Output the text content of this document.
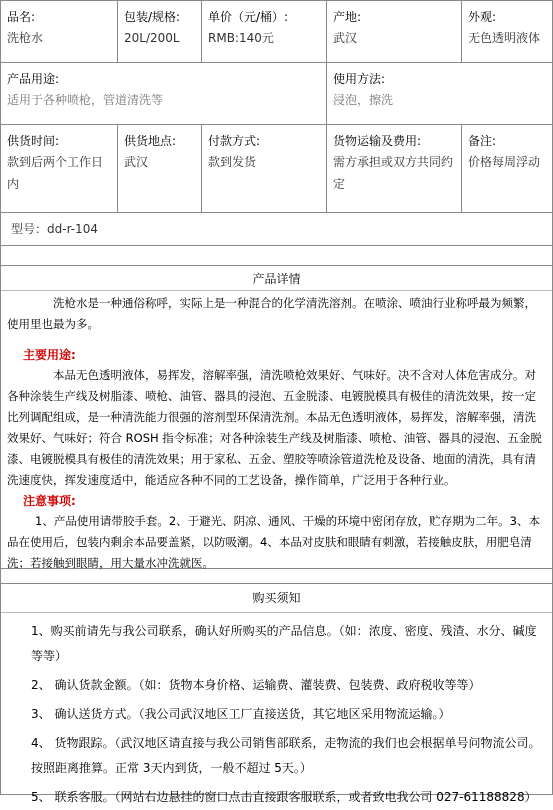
品名:
洗枪水
包装/规格:
20L/200L
单价（元/桶）:
RMB:140元
产地:
武汉
外观:
无色透明液体
产品用途:
适用于各种喷枪，管道清洗等
使用方法:
浸泡，擦洗
供货时间:
款到后两个工作日内
供货地点:
武汉
付款方式:
款到发货
货物运输及费用:
需方承担或双方共同约定
备注:
价格每周浮动
型号：dd-r-104
产品详情

洗枪水是一种通俗称呼，实际上是一种混合的化学清洗溶剂。在喷涂、喷油行业称呼最为频繁，使用里也最为多。

主要用途:

本品无色透明液体，易挥发，溶解率强，清洗喷枪效果好、气味好。决不含对人体危害成分。对各种涂装生产线及树脂漆、喷枪、油管、器具的浸泡、五金脱漆、电镀脱模具有极佳的清洗效果，按一定比列调配组成，是一种清洗能力很强的溶剂型环保清洗剂。本品无色透明液体，易挥发，溶解率强，清洗效果好、气味好；符合 ROSH 指令标准；对各种涂装生产线及树脂漆、喷枪、油管、器具的浸泡、五金脱漆、电镀脱模具有极佳的清洗效果；用于家私、五金、塑胶等喷涂管道洗枪及设备、地面的清洗，具有清洗速度快，挥发速度适中，能适应各种不同的工艺设备，操作简单，广泛用于各种行业。

注意事项:

1、产品使用请带胶手套。2、于避光、阴凉、通风、干燥的环境中密闭存放，贮存期为二年。3、本品在使用后，包装内剩余本品要盖紧，以防吸潮。4、本品对皮肤和眼睛有刺激，若接触皮肤，用肥皂清洗；若接触到眼睛，用大量水冲洗就医。

购买须知

1、购买前请先与我公司联系，确认好所购买的产品信息。（如：浓度、密度、残渣、水分、碱度等等）

2、 确认货款金额。（如：货物本身价格、运输费、灌装费、包装费、政府税收等等）

3、 确认送货方式。（我公司武汉地区工厂直接送货，其它地区采用物流运输。）

4、 货物跟踪。（武汉地区请直接与我公司销售部联系，走物流的我们也会根据单号问物流公司。按照距离推算。正常 3天内到货，一般不超过 5天。）

5、 联系客服。（网站右边悬挂的窗口点击直接跟客服联系，或者致电我公司 027-61188828）
